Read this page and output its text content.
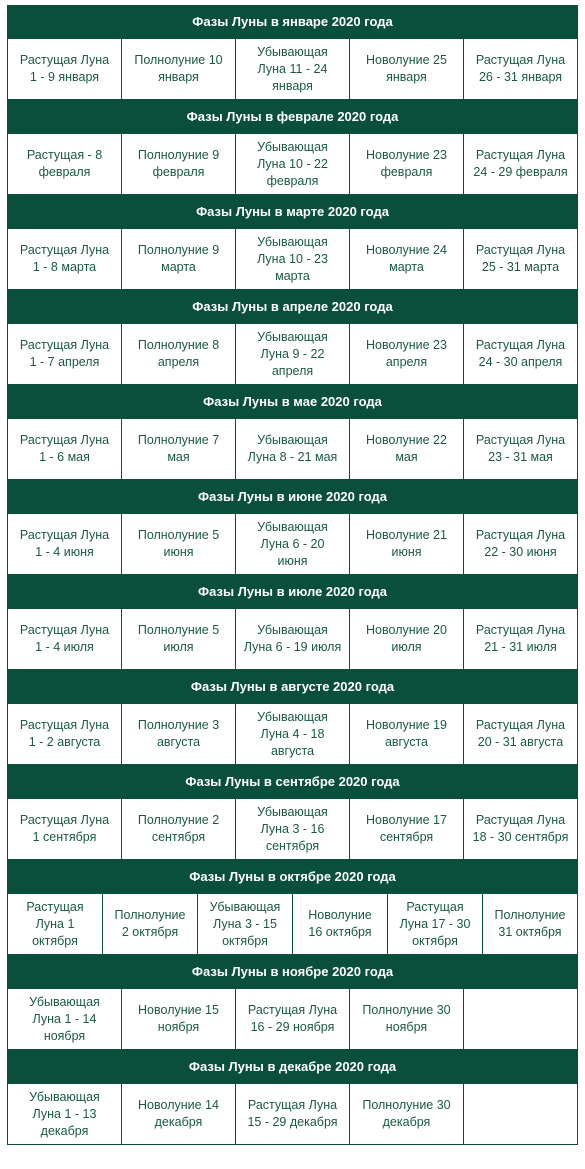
Фазы Луны в январе 2020 года
Растущая Луна
1 - 9 января
Полнолуние 10
января
Убывающая
Луна 11 - 24
января
Новолуние 25
января
Растущая Луна
26 - 31 января
Фазы Луны в феврале 2020 года
Растущая - 8
февраля
Полнолуние 9
февраля
Убывающая
Луна 10 - 22
февраля
Новолуние 23
февраля
Растущая Луна
24 - 29 февраля
Фазы Луны в марте 2020 года
Растущая Луна
1 - 8 марта
Полнолуние 9
марта
Убывающая
Луна 10 - 23
марта
Новолуние 24
марта
Растущая Луна
25 - 31 марта
Фазы Луны в апреле 2020 года
Растущая Луна
1 - 7 апреля
Полнолуние 8
апреля
Убывающая
Луна 9 - 22
апреля
Новолуние 23
апреля
Растущая Луна
24 - 30 апреля
Фазы Луны в мае 2020 года
Растущая Луна
1 - 6 мая
Полнолуние 7
мая
Убывающая
Луна 8 - 21 мая
Новолуние 22
мая
Растущая Луна
23 - 31 мая
Фазы Луны в июне 2020 года
Растущая Луна
1 - 4 июня
Полнолуние 5
июня
Убывающая
Луна 6 - 20
июня
Новолуние 21
июня
Растущая Луна
22 - 30 июня
Фазы Луны в июле 2020 года
Растущая Луна
1 - 4 июля
Полнолуние 5
июля
Убывающая
Луна 6 - 19 июля
Новолуние 20
июля
Растущая Луна
21 - 31 июля
Фазы Луны в августе 2020 года
Растущая Луна
1 - 2 августа
Полнолуние 3
августа
Убывающая
Луна 4 - 18
августа
Новолуние 19
августа
Растущая Луна
20 - 31 августа
Фазы Луны в сентябре 2020 года
Растущая Луна
1 сентября
Полнолуние 2
сентября
Убывающая
Луна 3 - 16
сентября
Новолуние 17
сентября
Растущая Луна
18 - 30 сентября
Фазы Луны в октябре 2020 года
Растущая
Луна 1
октября
Полнолуние
2 октября
Убывающая
Луна 3 - 15
октября
Новолуние
16 октября
Растущая
Луна 17 - 30
октября
Полнолуние
31 октября
Фазы Луны в ноябре 2020 года
Убывающая
Луна 1 - 14
ноября
Новолуние 15
ноября
Растущая Луна
16 - 29 ноября
Полнолуние 30
ноября
Фазы Луны в декабре 2020 года
Убывающая
Луна 1 - 13
декабря
Новолуние 14
декабря
Растущая Луна
15 - 29 декабря
Полнолуние 30
декабря
